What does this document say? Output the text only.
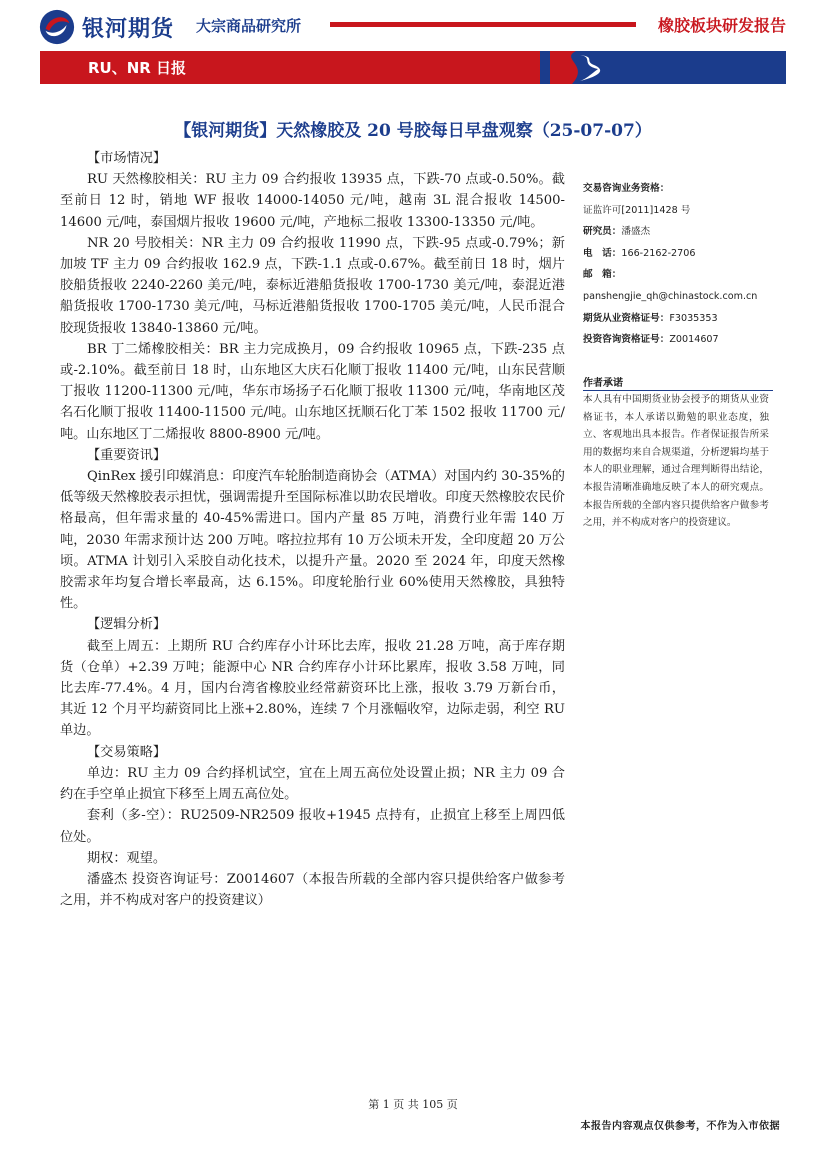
银河期货 大宗商品研究所	橡胶板块研发报告
RU、NR 日报
【银河期货】天然橡胶及 20 号胶每日早盘观察（25-07-07）

【市场情况】

RU 天然橡胶相关：RU 主力 09 合约报收 13935 点，下跌-70 点或-0.50%。截至前日 12 时，销地 WF 报收 14000-14050 元/吨，越南 3L 混合报收 14500-14600 元/吨，泰国烟片报收 19600 元/吨，产地标二报收 13300-13350 元/吨。

NR 20 号胶相关：NR 主力 09 合约报收 11990 点，下跌-95 点或-0.79%；新加坡 TF 主力 09 合约报收 162.9 点，下跌-1.1 点或-0.67%。截至前日 18 时，烟片胶船货报收 2240-2260 美元/吨，泰标近港船货报收 1700-1730 美元/吨，泰混近港船货报收 1700-1730 美元/吨，马标近港船货报收 1700-1705 美元/吨，人民币混合胶现货报收 13840-13860 元/吨。

BR 丁二烯橡胶相关：BR 主力完成换月，09 合约报收 10965 点，下跌-235 点或-2.10%。截至前日 18 时，山东地区大庆石化顺丁报收 11400 元/吨，山东民营顺丁报收 11200-11300 元/吨，华东市场扬子石化顺丁报收 11300 元/吨，华南地区茂名石化顺丁报收 11400-11500 元/吨。山东地区抚顺石化丁苯 1502 报收 11700 元/吨。山东地区丁二烯报收 8800-8900 元/吨。

【重要资讯】

QinRex 援引印媒消息：印度汽车轮胎制造商协会（ATMA）对国内约 30-35%的低等级天然橡胶表示担忧，强调需提升至国际标准以助农民增收。印度天然橡胶农民价格最高，但年需求量的 40-45%需进口。国内产量 85 万吨，消费行业年需 140 万吨，2030 年需求预计达 200 万吨。喀拉拉邦有 10 万公顷未开发，全印度超 20 万公顷。ATMA 计划引入采胶自动化技术，以提升产量。2020 至 2024 年，印度天然橡胶需求年均复合增长率最高，达 6.15%。印度轮胎行业 60%使用天然橡胶，具独特性。

【逻辑分析】

截至上周五：上期所 RU 合约库存小计环比去库，报收 21.28 万吨，高于库存期货（仓单）+2.39 万吨；能源中心 NR 合约库存小计环比累库，报收 3.58 万吨，同比去库-77.4%。4 月，国内台湾省橡胶业经常薪资环比上涨，报收 3.79 万新台币，其近 12 个月平均薪资同比上涨+2.80%，连续 7 个月涨幅收窄，边际走弱，利空 RU 单边。

【交易策略】

单边：RU 主力 09 合约择机试空，宜在上周五高位处设置止损；NR 主力 09 合约在手空单止损宜下移至上周五高位处。

套利（多-空）：RU2509-NR2509 报收+1945 点持有，止损宜上移至上周四低位处。

期权：观望。

潘盛杰 投资咨询证号：Z0014607（本报告所载的全部内容只提供给客户做参考之用，并不构成对客户的投资建议）

交易咨询业务资格：
证监许可[2011]1428 号
研究员：潘盛杰
电　话：166-2162-2706
邮　箱：
panshengjie_qh@chinastock.com.cn
期货从业资格证号：F3035353
投资咨询资格证号：Z0014607
作者承诺
本人具有中国期货业协会授予的期货从业资格证书，本人承诺以勤勉的职业态度，独立、客观地出具本报告。作者保证报告所采用的数据均来自合规渠道，分析逻辑均基于本人的职业理解，通过合理判断得出结论，本报告清晰准确地反映了本人的研究观点。本报告所载的全部内容只提供给客户做参考之用，并不构成对客户的投资建议。
第 1 页 共 105 页
本报告内容观点仅供参考，不作为入市依据
